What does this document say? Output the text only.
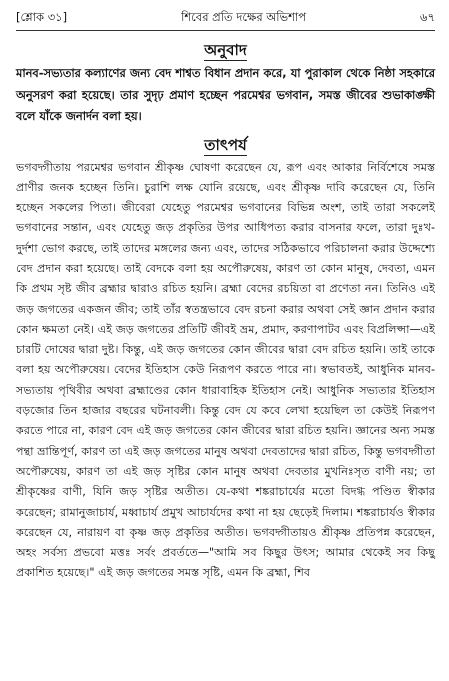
[শ্লোক ৩১]	শিবের প্রতি দক্ষের অভিশাপ	৬৭
অনুবাদ

মানব-সভ্যতার কল্যাণের জন্য বেদ শাশ্বত বিধান প্রদান করে, যা পুরাকাল থেকে নিষ্ঠা সহকারে অনুসরণ করা হয়েছে। তার সুদৃঢ় প্রমাণ হচ্ছেন পরমেশ্বর ভগবান, সমস্ত জীবের শুভাকাঙ্ক্ষী বলে যাঁকে জনার্দন বলা হয়।

তাৎপর্য

ভগবদ্গীতায় পরমেশ্বর ভগবান শ্রীকৃষ্ণ ঘোষণা করেছেন যে, রূপ এবং আকার নির্বিশেষে সমস্ত প্রাণীর জনক হচ্ছেন তিনি। চুরাশি লক্ষ যোনি রয়েছে, এবং শ্রীকৃষ্ণ দাবি করেছেন যে, তিনি হচ্ছেন সকলের পিতা। জীবেরা যেহেতু পরমেশ্বর ভগবানের বিভিন্ন অংশ, তাই তারা সকলেই ভগবানের সন্তান, এবং যেহেতু জড় প্রকৃতির উপর আধিপত্য করার বাসনার ফলে, তারা দুঃখ-দুর্দশা ভোগ করছে, তাই তাদের মঙ্গলের জন্য এবং, তাদের সঠিকভাবে পরিচালনা করার উদ্দেশ্যে বেদ প্রদান করা হয়েছে। তাই বেদকে বলা হয় অপৌরুষেয়, কারণ তা কোন মানুষ, দেবতা, এমন কি প্রথম সৃষ্ট জীব ব্রহ্মার দ্বারাও রচিত হয়নি। ব্রহ্মা বেদের রচয়িতা বা প্রণেতা নন। তিনিও এই জড় জগতের একজন জীব; তাই তাঁর স্বতন্ত্রভাবে বেদ রচনা করার অথবা সেই জ্ঞান প্রদান করার কোন ক্ষমতা নেই। এই জড় জগতের প্রতিটি জীবই ভ্রম, প্রমাদ, করণাপাটব এবং বিপ্রলিপ্সা—এই চারটি দোষের দ্বারা দুষ্ট। কিন্তু, এই জড় জগতের কোন জীবের দ্বারা বেদ রচিত হয়নি। তাই তাকে বলা হয় অপৌরুষেয়। বেদের ইতিহাস কেউ নিরূপণ করতে পারে না। স্বভাবতই, আধুনিক মানব-সভ্যতায় পৃথিবীর অথবা ব্রহ্মাণ্ডের কোন ধারাবাহিক ইতিহাস নেই। আধুনিক সভ্যতার ইতিহাস বড়জোর তিন হাজার বছরের ঘটনাবলী। কিন্তু বেদ যে কবে লেখা হয়েছিল তা কেউই নিরূপণ করতে পারে না, কারণ বেদ এই জড় জগতের কোন জীবের দ্বারা রচিত হয়নি। জ্ঞানের অন্য সমস্ত পন্থা ভ্রান্তিপূর্ণ, কারণ তা এই জড় জগতের মানুষ অথবা দেবতাদের দ্বারা রচিত, কিন্তু ভগবদ্গীতা অপৌরুষেয়, কারণ তা এই জড় সৃষ্টির কোন মানুষ অথবা দেবতার মুখনিঃসৃত বাণী নয়; তা শ্রীকৃষ্ণের বাণী, যিনি জড় সৃষ্টির অতীত। যে-কথা শঙ্করাচার্যের মতো বিদগ্ধ পণ্ডিত স্বীকার করেছেন; রামানুজাচার্য, মধ্বাচার্য প্রমুখ আচার্যদের কথা না হয় ছেড়েই দিলাম। শঙ্করাচার্যও স্বীকার করেছেন যে, নারায়ণ বা কৃষ্ণ জড় প্রকৃতির অতীত। ভগবদ্গীতায়ও শ্রীকৃষ্ণ প্রতিপন্ন করেছেন, অহং সর্বস্য প্রভবো মত্তঃ সর্বং প্রবর্ততে—"আমি সব কিছুর উৎস; আমার থেকেই সব কিছু প্রকাশিত হয়েছে।" এই জড় জগতের সমস্ত সৃষ্টি, এমন কি ব্রহ্মা, শিব
